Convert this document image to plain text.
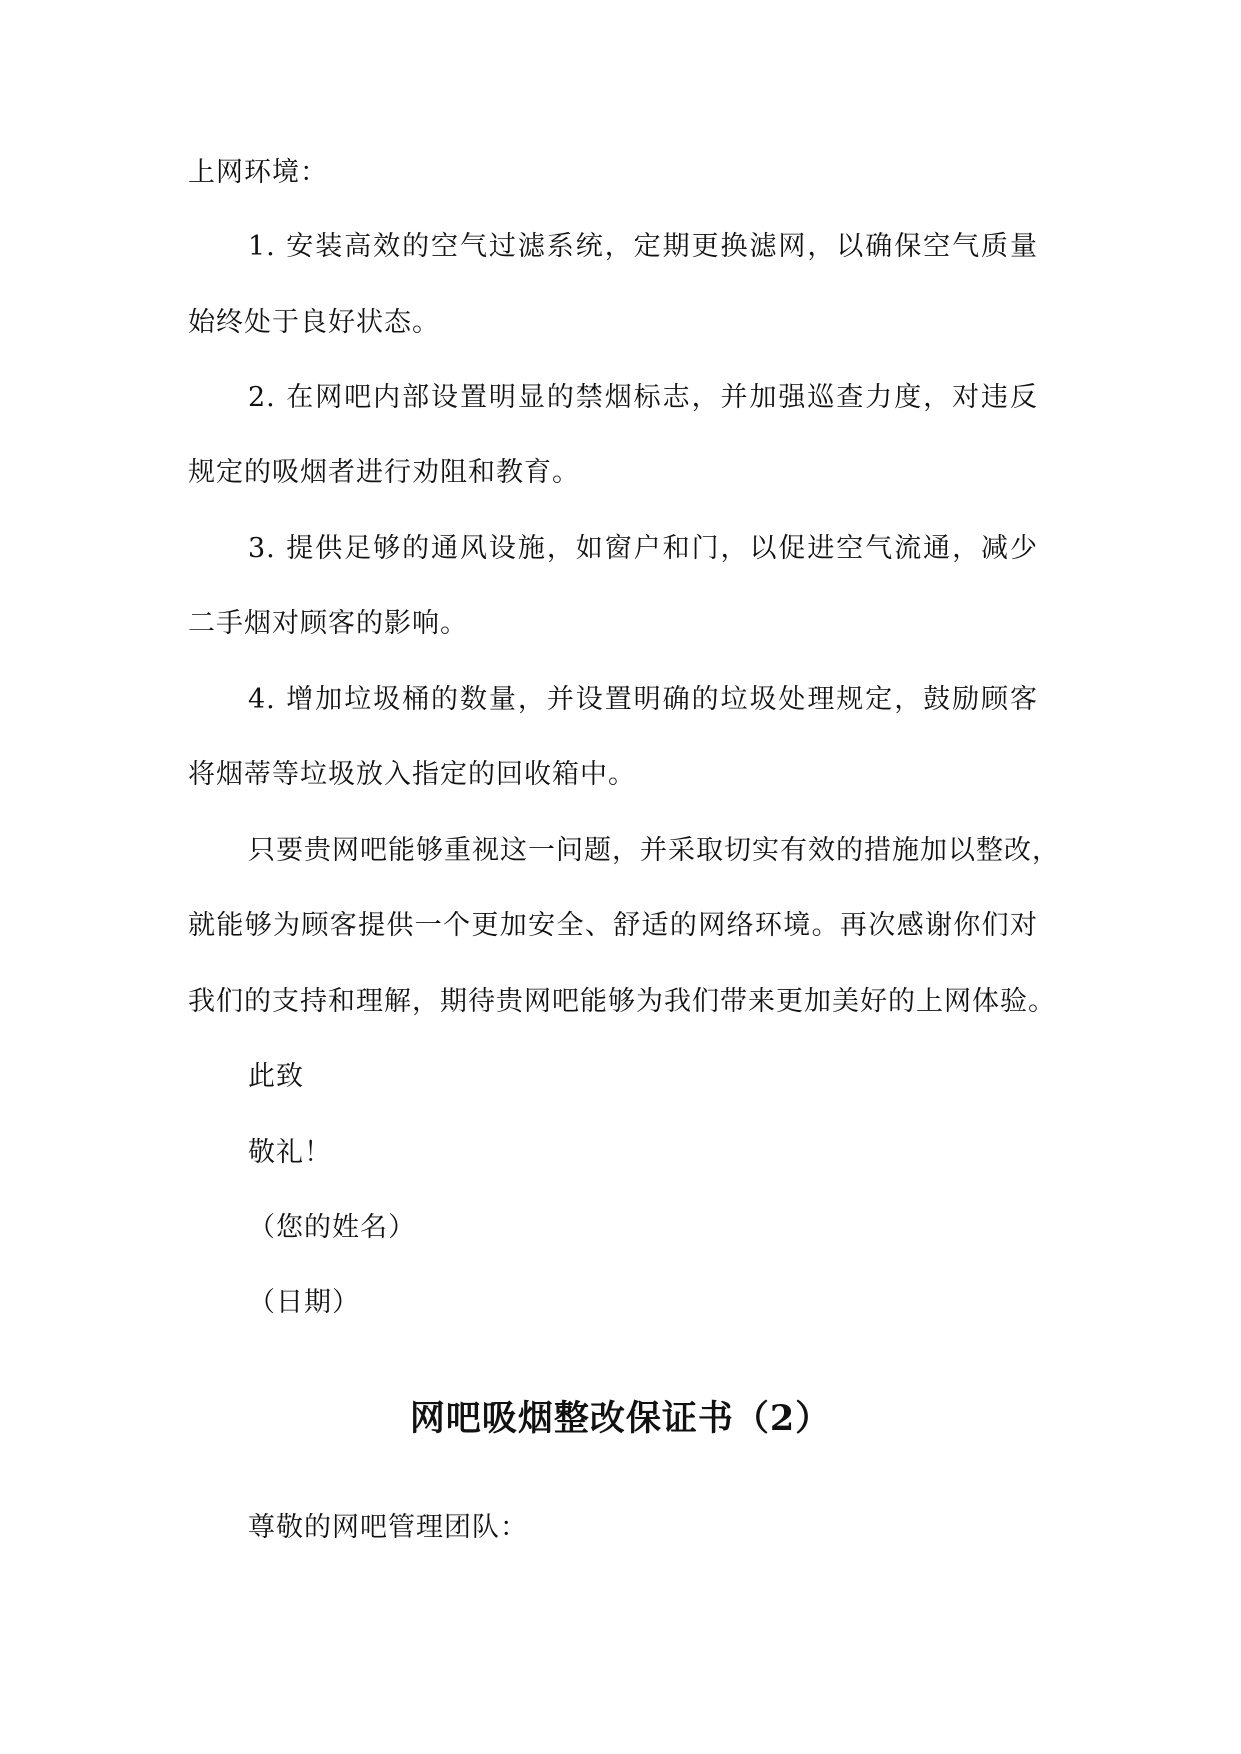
上网环境：
1. 安装高效的空气过滤系统，定期更换滤网，以确保空气质量
始终处于良好状态。
2. 在网吧内部设置明显的禁烟标志，并加强巡查力度，对违反
规定的吸烟者进行劝阻和教育。
3. 提供足够的通风设施，如窗户和门，以促进空气流通，减少
二手烟对顾客的影响。
4. 增加垃圾桶的数量，并设置明确的垃圾处理规定，鼓励顾客
将烟蒂等垃圾放入指定的回收箱中。
只要贵网吧能够重视这一问题，并采取切实有效的措施加以整改，
就能够为顾客提供一个更加安全、舒适的网络环境。再次感谢你们对
我们的支持和理解，期待贵网吧能够为我们带来更加美好的上网体验。
此致
敬礼！
（您的姓名）
（日期）
网吧吸烟整改保证书（2）
尊敬的网吧管理团队：
